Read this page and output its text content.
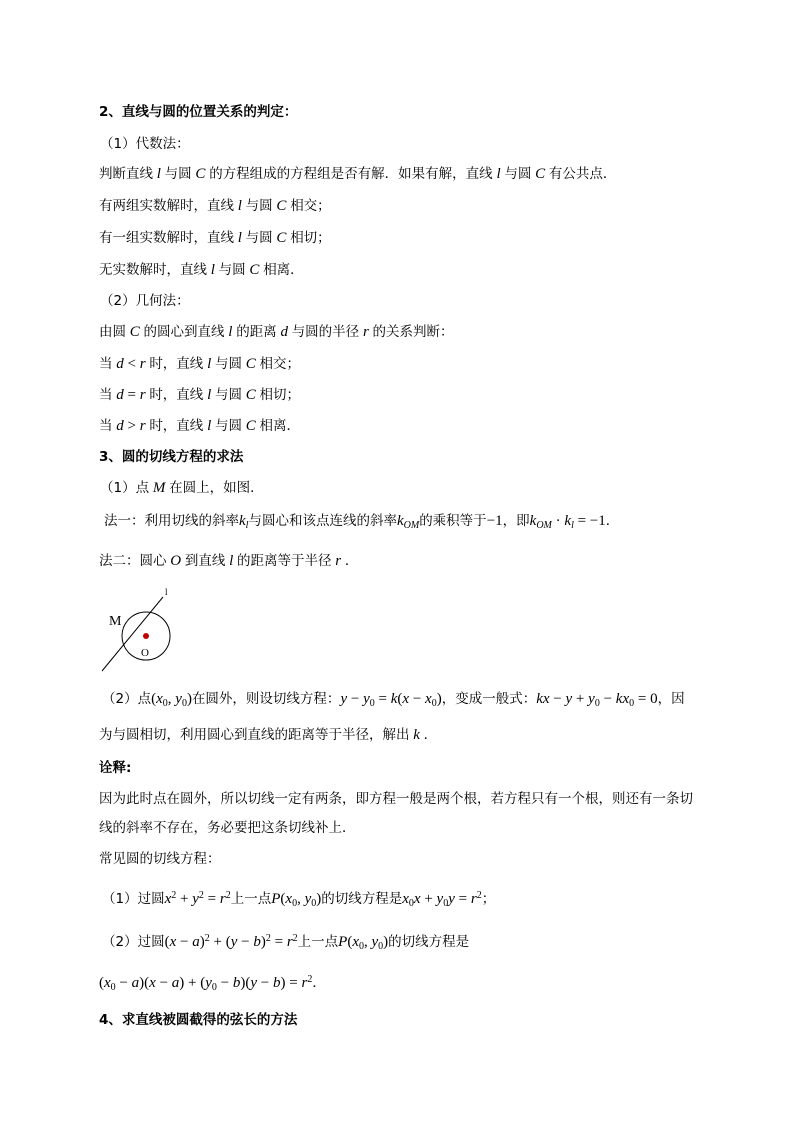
2、直线与圆的位置关系的判定：
（1）代数法：
判断直线 l 与圆 C 的方程组成的方程组是否有解．如果有解，直线 l 与圆 C 有公共点．
有两组实数解时，直线 l 与圆 C 相交；
有一组实数解时，直线 l 与圆 C 相切；
无实数解时，直线 l 与圆 C 相离．
（2）几何法：
由圆 C 的圆心到直线 l 的距离 d 与圆的半径 r 的关系判断：
当 d < r 时，直线 l 与圆 C 相交；
当 d = r 时，直线 l 与圆 C 相切；
当 d > r 时，直线 l 与圆 C 相离．
3、圆的切线方程的求法
（1）点 M 在圆上，如图．
法一：利用切线的斜率$k_l$与圆心和该点连线的斜率$k_{OM}$的乘积等于−1，即$k_{OM} \cdot k_l = -1$．
法二：圆心 O 到直线 l 的距离等于半径 r ．
l
M
O
（2）点($x_0$, $y_0$)在圆外，则设切线方程：$y - y_0 = k(x - x_0)$，变成一般式：kx − $y + y_0 - kx_0 = 0$，因
为与圆相切，利用圆心到直线的距离等于半径，解出 k ．
诠释:
因为此时点在圆外，所以切线一定有两条，即方程一般是两个根，若方程只有一个根，则还有一条切
线的斜率不存在，务必要把这条切线补上．
常见圆的切线方程：
（1）过圆$x^2 + y^2 = r^2$上一点$P(x_0$, $y_0$)的切线方程是$x_0x + y_0y = r^2$；
（2）过圆$(x - a)^2 + (y - b)^2 = r^2$上一点$P(x_0$, $y_0$)的切线方程是
$(x_0 - a)(x - a) + (y_0 - b)(y - b) = r^2$．
4、求直线被圆截得的弦长的方法
